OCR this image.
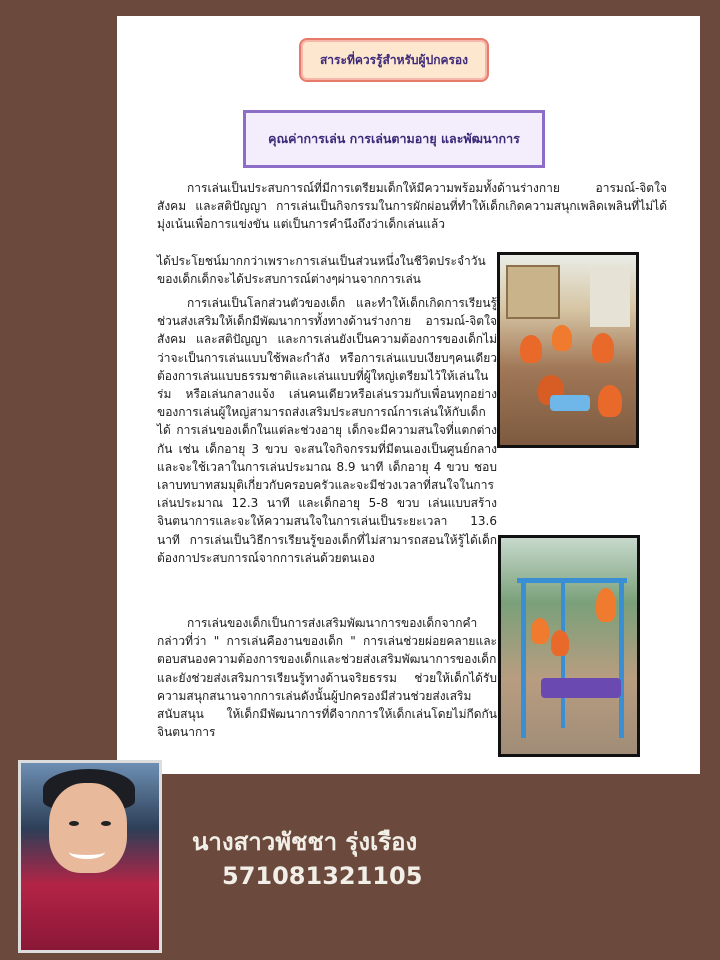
สาระที่ควรรู้สำหรับผู้ปกครอง
คุณค่าการเล่น การเล่นตามอายุ และพัฒนาการ
การเล่นเป็นประสบการณ์ที่มีการเตรียมเด็กให้มีความพร้อมทั้งด้านร่างกาย อารมณ์-จิตใจ สังคม และสติปัญญา การเล่นเป็นกิจกรรมในการผักผ่อนที่ทำให้เด็กเกิดความสนุกเพลิดเพลินที่ไม่ได้มุ่งเน้นเพื่อการแข่งขัน แต่เป็นการคำนึงถึงว่าเด็กเล่นแล้ว
ได้ประโยชน์มากกว่าเพราะการเล่นเป็นส่วนหนึ่งในชีวิตประจำวันของเด็กเด็กจะได้ประสบการณ์ต่างๆผ่านจากการเล่น
การเล่นเป็นโลกส่วนตัวของเด็ก และทำให้เด็กเกิดการเรียนรู้ ช่วนส่งเสริมให้เด็กมีพัฒนาการทั้งทางด้านร่างกาย อารมณ์-จิตใจ สังคม และสติปัญญา และการเล่นยังเป็นความต้องการของเด็กไม่ว่าจะเป็นการเล่นแบบใช้พละกำลัง หรือการเล่นแบบเงียบๆคนเดียว ต้องการเล่นแบบธรรมชาติและเล่นแบบที่ผู้ใหญ่เตรียมไว้ให้เล่นในร่ม หรือเล่นกลางแจ้ง เล่นคนเดียวหรือเล่นรวมกับเพื่อนทุกอย่างของการเล่นผู้ใหญ่สามารถส่งเสริมประสบการณ์การเล่นให้กับเด็กได้ การเล่นของเด็กในแต่ละช่วงอายุ เด็กจะมีความสนใจที่แตกต่างกัน เช่น เด็กอายุ 3 ขวบ จะสนใจกิจกรรมที่มีตนเองเป็นศูนย์กลางและจะใช้เวลาในการเล่นประมาณ 8.9 นาที เด็กอายุ 4 ขวบ ชอบเลาบทบาทสมมุติเกี่ยวกับครอบครัวและจะมีช่วงเวลาที่สนใจในการเล่นประมาณ 12.3 นาที และเด็กอายุ 5-8 ขวบ เล่นแบบสร้างจินตนาการและจะให้ความสนใจในการเล่นเป็นระยะเวลา 13.6 นาที การเล่นเป็นวิธีการเรียนรู้ของเด็กที่ไม่สามารถสอนให้รู้ได้เด็กต้องกาประสบการณ์จากการเล่นด้วยตนเอง
การเล่นของเด็กเป็นการส่งเสริมพัฒนาการของเด็กจากคำกล่าวที่ว่า " การเล่นคืองานของเด็ก " การเล่นช่วยผ่อยคลายและตอบสนองความต้องการของเด็กและช่วยส่งเสริมพัฒนาการของเด็กและยังช่วยส่งเสริมการเรียนรู้ทางด้านจริยธรรม ช่วยให้เด็กได้รับความสนุกสนานจากการเล่นดังนั้นผู้ปกครองมีส่วนช่วยส่งเสริม สนับสนุน ให้เด็กมีพัฒนาการที่ดีจากการให้เด็กเล่นโดยไม่กีดกันจินตนาการ
นางสาวพัชชา รุ่งเรือง
571081321105
